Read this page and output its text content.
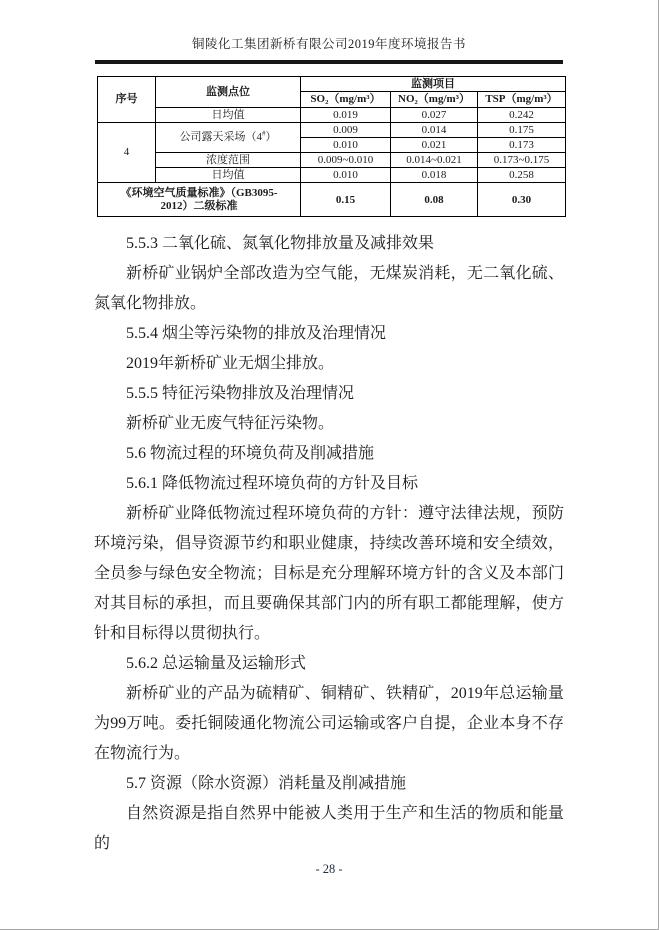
铜陵化工集团新桥有限公司2019年度环境报告书
序号	监测点位	监测项目		
		SO₂（mg/m³）	NO₂（mg/m³）	TSP（mg/m³）
	日均值	0.019	0.027	0.242
4	公司露天采场（4#）	0.009	0.014	0.175
		0.010	0.021	0.173
	浓度范围	0.009~0.010	0.014~0.021	0.173~0.175
	日均值	0.010	0.018	0.258

《环境空气质量标准》（GB3095-
2012）二级标准		0.15	0.08	0.30

5.5.3 二氧化硫、氮氧化物排放量及减排效果

新桥矿业锅炉全部改造为空气能，无煤炭消耗，无二氧化硫、氮氧化物排放。

5.5.4 烟尘等污染物的排放及治理情况

2019年新桥矿业无烟尘排放。

5.5.5 特征污染物排放及治理情况

新桥矿业无废气特征污染物。

5.6 物流过程的环境负荷及削减措施

5.6.1 降低物流过程环境负荷的方针及目标

新桥矿业降低物流过程环境负荷的方针：遵守法律法规，预防环境污染，倡导资源节约和职业健康，持续改善环境和安全绩效，全员参与绿色安全物流；目标是充分理解环境方针的含义及本部门对其目标的承担，而且要确保其部门内的所有职工都能理解，使方针和目标得以贯彻执行。

5.6.2 总运输量及运输形式

新桥矿业的产品为硫精矿、铜精矿、铁精矿，2019年总运输量为99万吨。委托铜陵通化物流公司运输或客户自提，企业本身不存在物流行为。

5.7 资源（除水资源）消耗量及削减措施

自然资源是指自然界中能被人类用于生产和生活的物质和能量的

- 28 -
